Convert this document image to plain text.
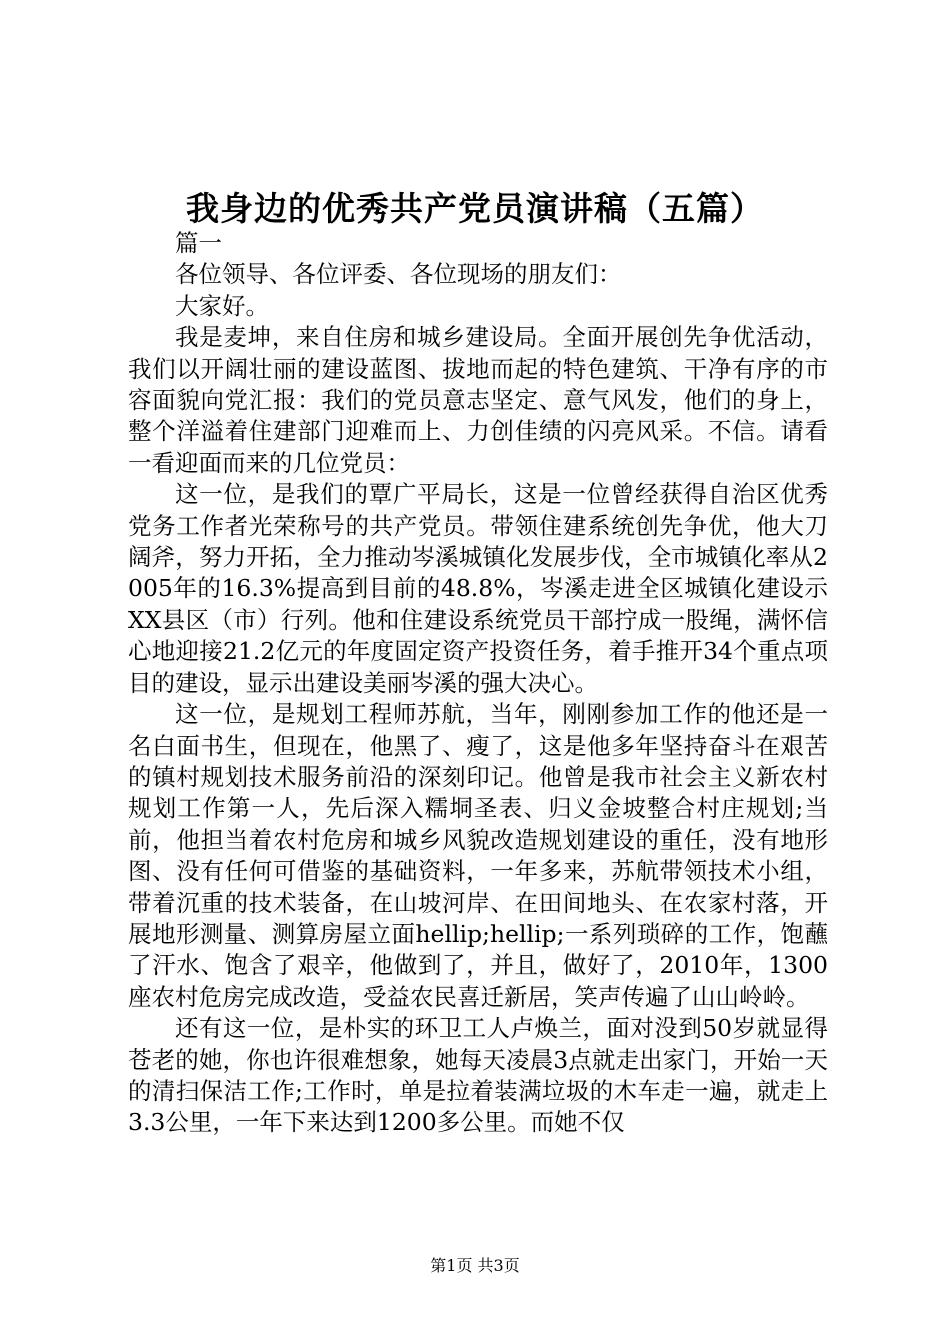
我身边的优秀共产党员演讲稿（五篇）

篇一

各位领导、各位评委、各位现场的朋友们：

大家好。

我是麦坤，来自住房和城乡建设局。全面开展创先争优活动，我们以开阔壮丽的建设蓝图、拔地而起的特色建筑、干净有序的市容面貌向党汇报：我们的党员意志坚定、意气风发，他们的身上，整个洋溢着住建部门迎难而上、力创佳绩的闪亮风采。不信。请看一看迎面而来的几位党员：

这一位，是我们的覃广平局长，这是一位曾经获得自治区优秀党务工作者光荣称号的共产党员。带领住建系统创先争优，他大刀阔斧，努力开拓，全力推动岑溪城镇化发展步伐，全市城镇化率从2005年的16.3%提高到目前的48.8%，岑溪走进全区城镇化建设示XX县区（市）行列。他和住建设系统党员干部拧成一股绳，满怀信心地迎接21.2亿元的年度固定资产投资任务，着手推开34个重点项目的建设，显示出建设美丽岑溪的强大决心。

这一位，是规划工程师苏航，当年，刚刚参加工作的他还是一名白面书生，但现在，他黑了、瘦了，这是他多年坚持奋斗在艰苦的镇村规划技术服务前沿的深刻印记。他曾是我市社会主义新农村规划工作第一人，先后深入糯垌圣表、归义金坡整合村庄规划;当前，他担当着农村危房和城乡风貌改造规划建设的重任，没有地形图、没有任何可借鉴的基础资料，一年多来，苏航带领技术小组，带着沉重的技术装备，在山坡河岸、在田间地头、在农家村落，开展地形测量、测算房屋立面hellip;hellip;一系列琐碎的工作，饱蘸了汗水、饱含了艰辛，他做到了，并且，做好了，2010年，1300座农村危房完成改造，受益农民喜迁新居，笑声传遍了山山岭岭。

还有这一位，是朴实的环卫工人卢焕兰，面对没到50岁就显得苍老的她，你也许很难想象，她每天凌晨3点就走出家门，开始一天的清扫保洁工作;工作时，单是拉着装满垃圾的木车走一遍，就走上3.3公里，一年下来达到1200多公里。而她不仅

第1页 共3页
